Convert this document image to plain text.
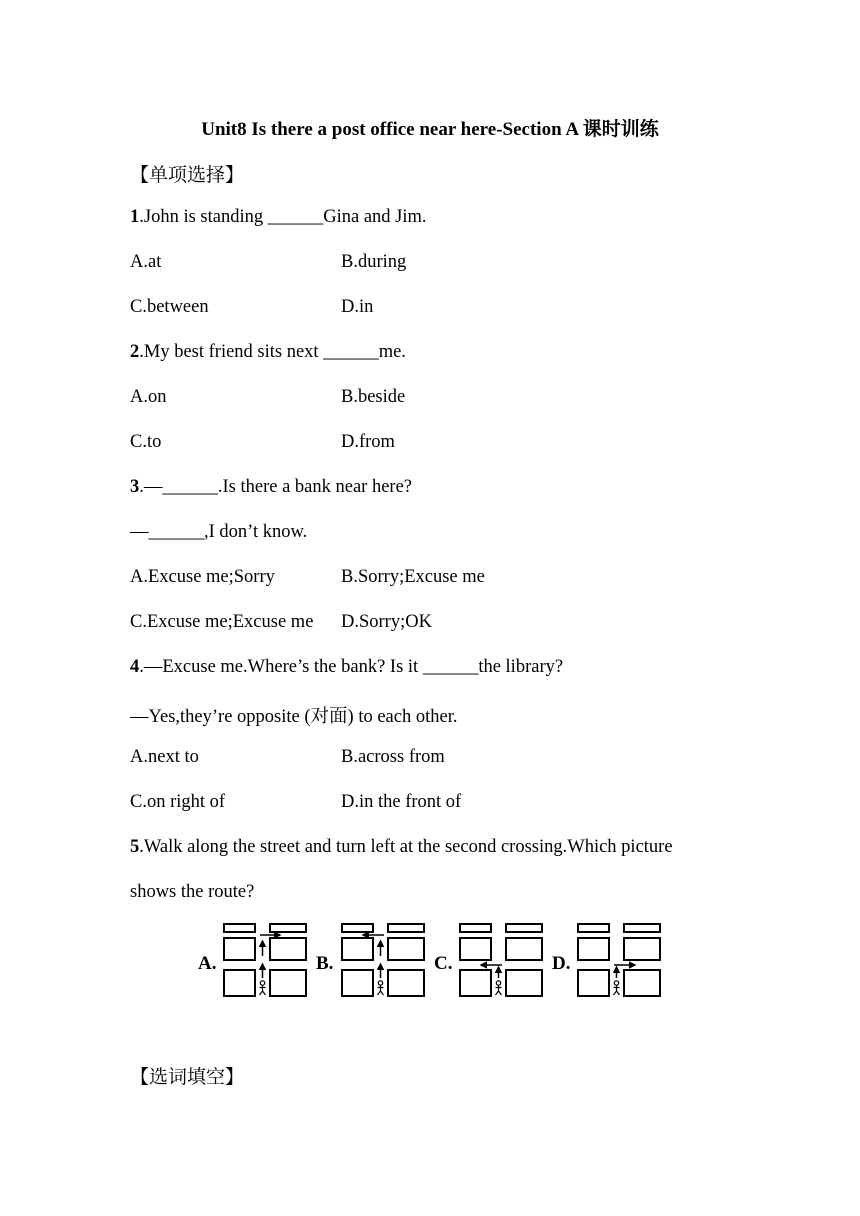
Unit8 Is there a post office near here-Section A 课时训练
【单项选择】
1.John is standing ______Gina and Jim.
A.at	B.during
C.between	D.in
2.My best friend sits next ______me.
A.on	B.beside
C.to	D.from
3.—______.Is there a bank near here?
—______,I don’t know.
A.Excuse me;Sorry	B.Sorry;Excuse me
C.Excuse me;Excuse me D.Sorry;OK
4.—Excuse me.Where’s the bank? Is it ______the library?
—Yes,they’re opposite (对面) to each other.
A.next to	B.across from
C.on right of	D.in the front of
5.Walk along the street and turn left at the second crossing.Which picture
shows the route?
A.	B.	C.	D.
【选词填空】
